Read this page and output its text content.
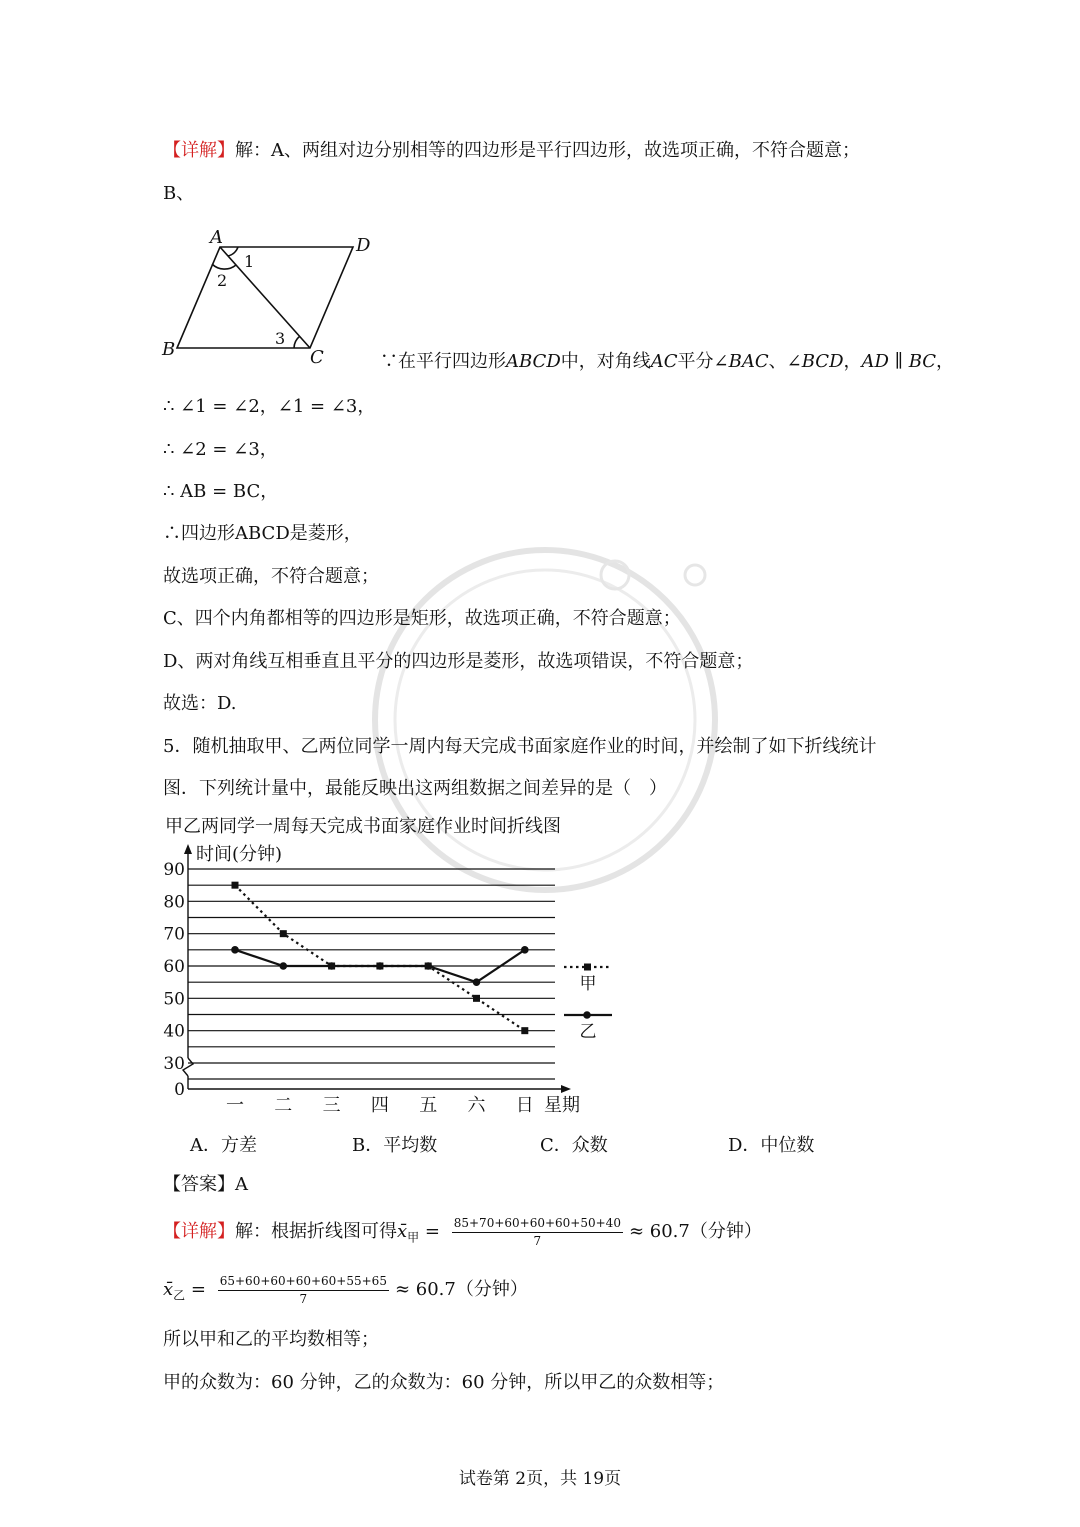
【详解】解：A、两组对边分别相等的四边形是平行四边形，故选项正确，不符合题意；
B、
A	D
B	C
1
2
3
∵在平行四边形ABCD中，对角线AC平分∠BAC、∠BCD，AD ∥ BC，
∴ ∠1 = ∠2，∠1 = ∠3，
∴ ∠2 = ∠3，
∴ AB = BC，
∴四边形ABCD是菱形，
故选项正确，不符合题意；
C、四个内角都相等的四边形是矩形，故选项正确，不符合题意；
D、两对角线互相垂直且平分的四边形是菱形，故选项错误，不符合题意；
故选：D.
5．随机抽取甲、乙两位同学一周内每天完成书面家庭作业的时间，并绘制了如下折线统计
图．下列统计量中，最能反映出这两组数据之间差异的是（　）
甲乙两同学一周每天完成书面家庭作业时间折线图
时间(分钟)
星期
90
80
70
60
50
40
30
0
一 二 三 四 五 六 日
甲
乙
A．方差	B．平均数	C．众数	D．中位数
【答案】A
【详解】解：根据折线图可得$x̄_甲 = \frac{85+70+60+60+60+50+40}{7} \approx 60.7$（分钟）
$x̄_乙 = \frac{65+60+60+60+60+55+65}{7} \approx 60.7$（分钟）
所以甲和乙的平均数相等；
甲的众数为：60 分钟，乙的众数为：60 分钟，所以甲乙的众数相等；
试卷第 2页，共 19页
